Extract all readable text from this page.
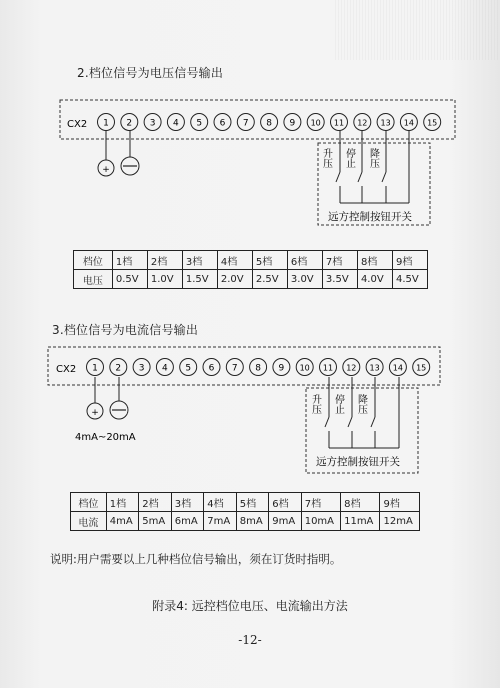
2.档位信号为电压信号输出
CX2 1 2 3 4 5 6 7 8 9 10 11 12 13 14 15
+
升压 停止 降压
远方控制按钮开关
档位	1档	2档	3档	4档	5档	6档	7档	8档	9档
电压	0.5V	1.0V	1.5V	2.0V	2.5V	3.0V	3.5V	4.0V	4.5V
3.档位信号为电流信号输出
CX2 1 2 3 4 5 6 7 8 9 10 11 12 13 14 15
+
4mA~20mA
升压 停止 降压
远方控制按钮开关
档位	1档	2档	3档	4档	5档	6档	7档	8档	9档
电流	4mA	5mA	6mA	7mA	8mA	9mA	10mA	11mA	12mA
说明:用户需要以上几种档位信号输出，须在订货时指明。
附录4: 远控档位电压、电流输出方法
-12-
